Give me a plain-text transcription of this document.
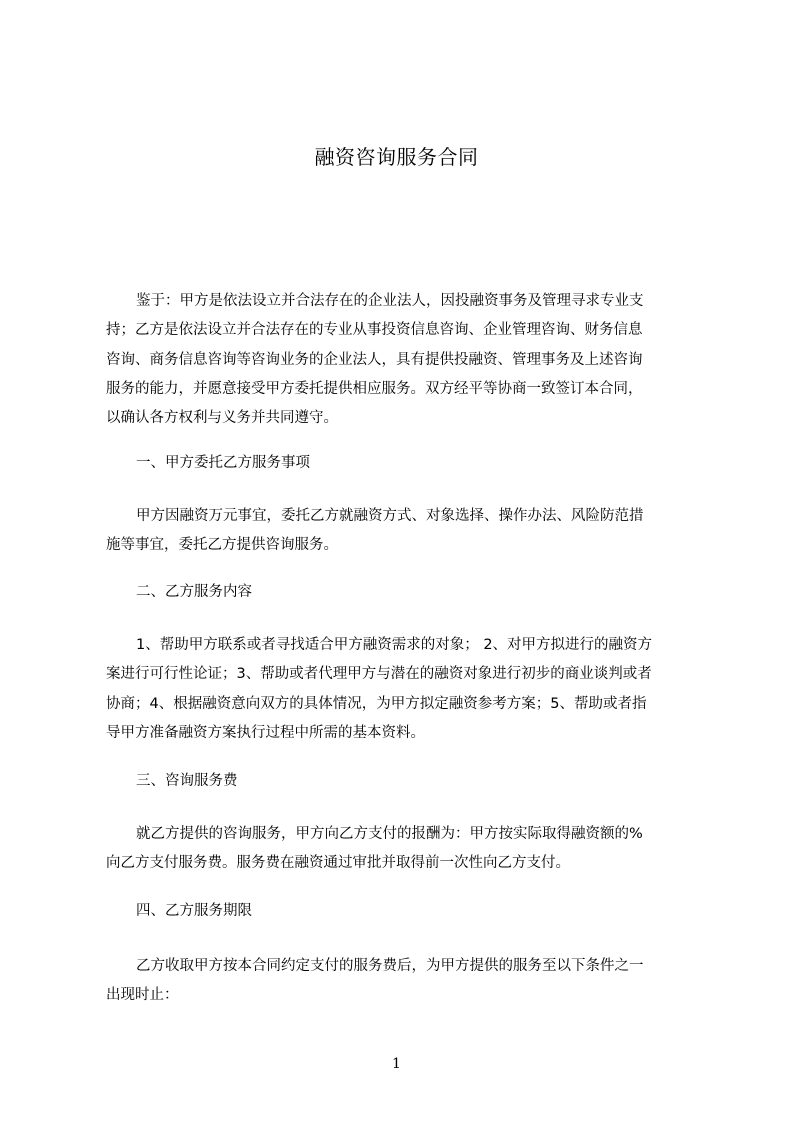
融资咨询服务合同
鉴于：甲方是依法设立并合法存在的企业法人，因投融资事务及管理寻求专业支
持；乙方是依法设立并合法存在的专业从事投资信息咨询、企业管理咨询、财务信息
咨询、商务信息咨询等咨询业务的企业法人，具有提供投融资、管理事务及上述咨询
服务的能力，并愿意接受甲方委托提供相应服务。双方经平等协商一致签订本合同，
以确认各方权利与义务并共同遵守。
一、甲方委托乙方服务事项
甲方因融资万元事宜，委托乙方就融资方式、对象选择、操作办法、风险防范措
施等事宜，委托乙方提供咨询服务。
二、乙方服务内容
1、帮助甲方联系或者寻找适合甲方融资需求的对象； 2、对甲方拟进行的融资方
案进行可行性论证；3、帮助或者代理甲方与潜在的融资对象进行初步的商业谈判或者
协商；4、根据融资意向双方的具体情况，为甲方拟定融资参考方案；5、帮助或者指
导甲方准备融资方案执行过程中所需的基本资料。
三、咨询服务费
就乙方提供的咨询服务，甲方向乙方支付的报酬为：甲方按实际取得融资额的%
向乙方支付服务费。服务费在融资通过审批并取得前一次性向乙方支付。
四、乙方服务期限
乙方收取甲方按本合同约定支付的服务费后，为甲方提供的服务至以下条件之一
出现时止：
1
